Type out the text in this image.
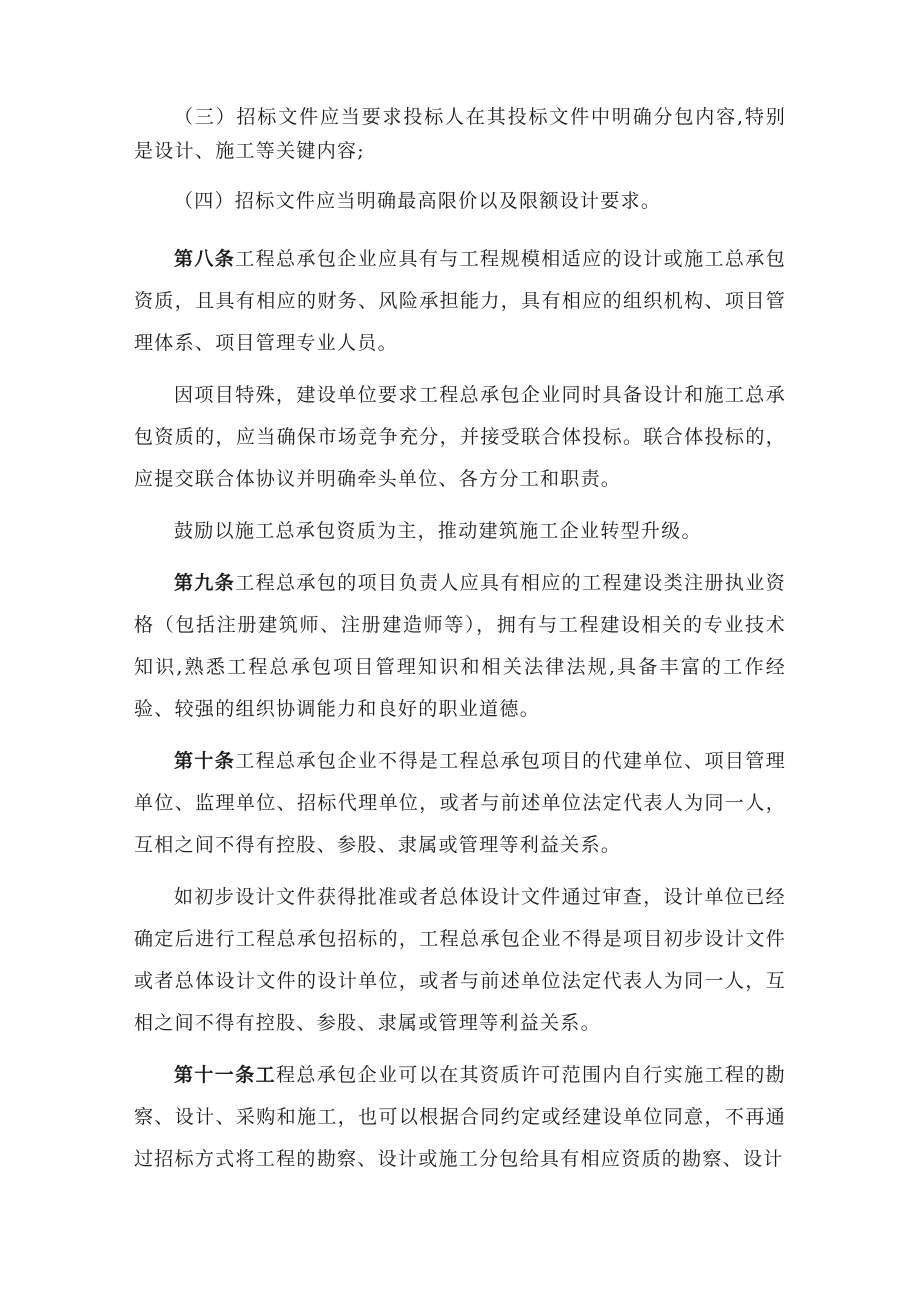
（三）招标文件应当要求投标人在其投标文件中明确分包内容,特别是设计、施工等关键内容;

（四）招标文件应当明确最高限价以及限额设计要求。

第八条工程总承包企业应具有与工程规模相适应的设计或施工总承包资质，且具有相应的财务、风险承担能力，具有相应的组织机构、项目管理体系、项目管理专业人员。

因项目特殊，建设单位要求工程总承包企业同时具备设计和施工总承包资质的，应当确保市场竞争充分，并接受联合体投标。联合体投标的，应提交联合体协议并明确牵头单位、各方分工和职责。

鼓励以施工总承包资质为主，推动建筑施工企业转型升级。

第九条工程总承包的项目负责人应具有相应的工程建设类注册执业资格（包括注册建筑师、注册建造师等），拥有与工程建设相关的专业技术知识,熟悉工程总承包项目管理知识和相关法律法规,具备丰富的工作经验、较强的组织协调能力和良好的职业道德。

第十条工程总承包企业不得是工程总承包项目的代建单位、项目管理单位、监理单位、招标代理单位，或者与前述单位法定代表人为同一人，互相之间不得有控股、参股、隶属或管理等利益关系。

如初步设计文件获得批准或者总体设计文件通过审查，设计单位已经确定后进行工程总承包招标的，工程总承包企业不得是项目初步设计文件或者总体设计文件的设计单位，或者与前述单位法定代表人为同一人，互相之间不得有控股、参股、隶属或管理等利益关系。

第十一条工程总承包企业可以在其资质许可范围内自行实施工程的勘察、设计、采购和施工，也可以根据合同约定或经建设单位同意，不再通过招标方式将工程的勘察、设计或施工分包给具有相应资质的勘察、设计
